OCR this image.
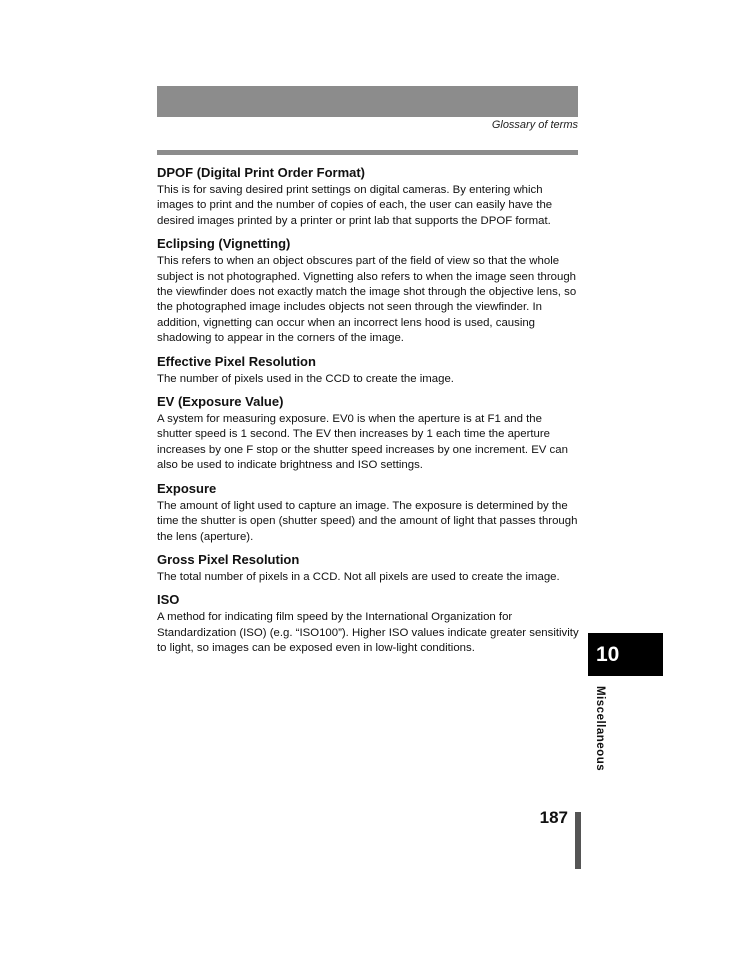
Glossary of terms
DPOF (Digital Print Order Format)

This is for saving desired print settings on digital cameras. By entering which images to print and the number of copies of each, the user can easily have the desired images printed by a printer or print lab that supports the DPOF format.

Eclipsing (Vignetting)

This refers to when an object obscures part of the field of view so that the whole subject is not photographed. Vignetting also refers to when the image seen through the viewfinder does not exactly match the image shot through the objective lens, so the photographed image includes objects not seen through the viewfinder. In addition, vignetting can occur when an incorrect lens hood is used, causing shadowing to appear in the corners of the image.

Effective Pixel Resolution

The number of pixels used in the CCD to create the image.

EV (Exposure Value)

A system for measuring exposure. EV0 is when the aperture is at F1 and the shutter speed is 1 second. The EV then increases by 1 each time the aperture increases by one F stop or the shutter speed increases by one increment. EV can also be used to indicate brightness and ISO settings.

Exposure

The amount of light used to capture an image. The exposure is determined by the time the shutter is open (shutter speed) and the amount of light that passes through the lens (aperture).

Gross Pixel Resolution

The total number of pixels in a CCD. Not all pixels are used to create the image.

ISO

A method for indicating film speed by the International Organization for Standardization (ISO) (e.g. “ISO100”). Higher ISO values indicate greater sensitivity to light, so images can be exposed even in low-light conditions.	10
Miscellaneous
187
